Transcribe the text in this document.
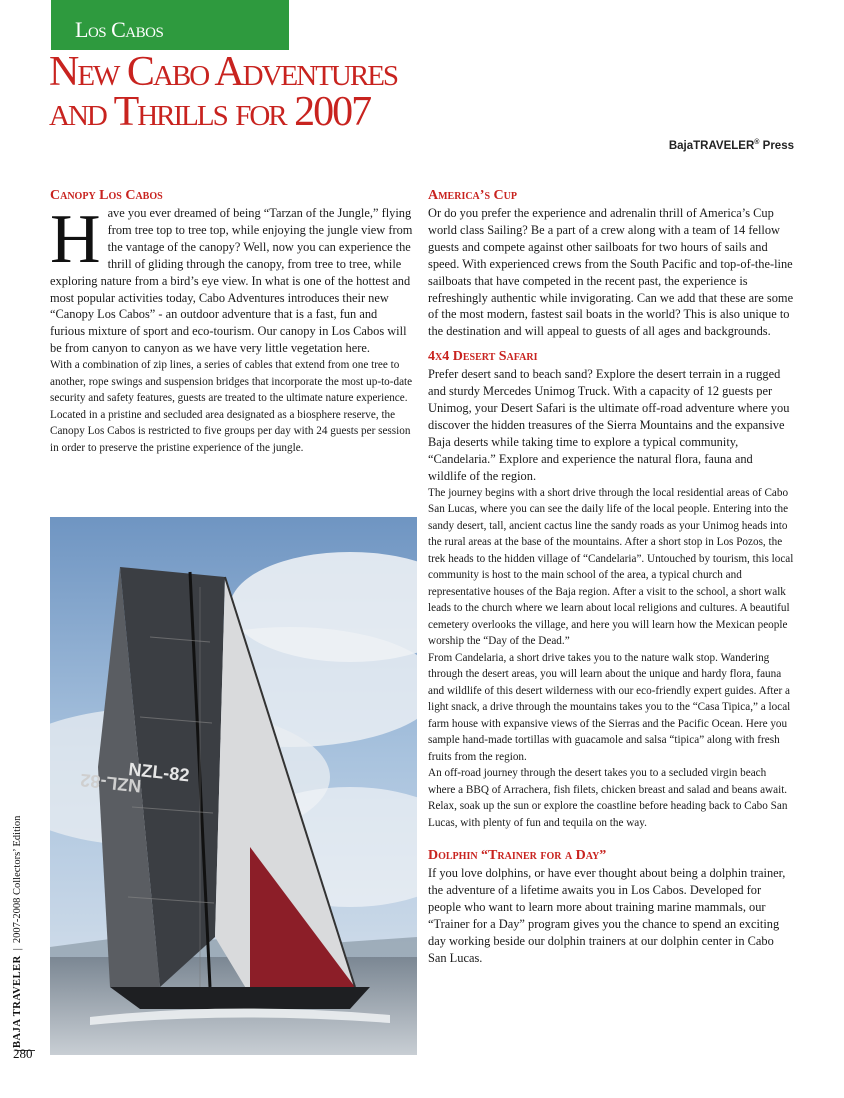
Los Cabos
New Cabo Adventures
and Thrills for 2007
BajaTRAVELER® Press
Canopy Los Cabos

Have you ever dreamed of being “Tarzan of the Jungle,” flying from tree top to tree top, while enjoying the jungle view from the vantage of the canopy? Well, now you can experience the thrill of gliding through the canopy, from tree to tree, while exploring nature from a bird’s eye view. In what is one of the hottest and most popular activities today, Cabo Adventures introduces their new “Canopy Los Cabos” - an outdoor adventure that is a fast, fun and furious mixture of sport and eco-tourism. Our canopy in Los Cabos will be from canyon to canyon as we have very little vegetation here.

With a combination of zip lines, a series of cables that extend from one tree to another, rope swings and suspension bridges that incorporate the most up-to-date security and safety features, guests are treated to the ultimate nature experience. Located in a pristine and secluded area designated as a biosphere reserve, the Canopy Los Cabos is restricted to five groups per day with 24 guests per session in order to preserve the pristine experience of the jungle.

America’s Cup

Or do you prefer the experience and adrenalin thrill of America’s Cup world class Sailing? Be a part of a crew along with a team of 14 fellow guests and compete against other sailboats for two hours of sails and speed. With experienced crews from the South Pacific and top-of-the-line sailboats that have competed in the recent past, the experience is refreshingly authentic while invigorating. Can we add that these are some of the most modern, fastest sail boats in the world? This is also unique to the destination and will appeal to guests of all ages and backgrounds.

4x4 Desert Safari

Prefer desert sand to beach sand? Explore the desert terrain in a rugged and sturdy Mercedes Unimog Truck. With a capacity of 12 guests per Unimog, your Desert Safari is the ultimate off-road adventure where you discover the hidden treasures of the Sierra Mountains and the expansive Baja deserts while taking time to explore a typical community, “Candelaria.” Explore and experience the natural flora, fauna and wildlife of the region.

The journey begins with a short drive through the local residential areas of Cabo San Lucas, where you can see the daily life of the local people. Entering into the sandy desert, tall, ancient cactus line the sandy roads as your Unimog heads into the rural areas at the base of the mountains. After a short stop in Los Pozos, the trek heads to the hidden village of “Candelaria”. Untouched by tourism, this local community is host to the main school of the area, a typical church and representative houses of the Baja region. After a visit to the school, a short walk leads to the church where we learn about local religions and cultures. A beautiful cemetery overlooks the village, and here you will learn how the Mexican people worship the “Day of the Dead.”

From Candelaria, a short drive takes you to the nature walk stop. Wandering through the desert areas, you will learn about the unique and hardy flora, fauna and wildlife of this desert wilderness with our eco-friendly expert guides. After a light snack, a drive through the mountains takes you to the “Casa Tipica,” a local farm house with expansive views of the Sierras and the Pacific Ocean. Here you sample hand-made tortillas with guacamole and salsa “tipica” along with fresh fruits from the region.

An off-road journey through the desert takes you to a secluded virgin beach where a BBQ of Arrachera, fish filets, chicken breast and salad and beans await. Relax, soak up the sun or explore the coastline before heading back to Cabo San Lucas, with plenty of fun and tequila on the way.

Dolphin “Trainer for a Day”

If you love dolphins, or have ever thought about being a dolphin trainer, the adventure of a lifetime awaits you in Los Cabos. Developed for people who want to learn more about training marine mammals, our “Trainer for a Day” program gives you the chance to spend an exciting day working beside our dolphin trainers at our dolphin center in Cabo San Lucas.

NZL-82
NZL-82
BAJA TRAVELER|2007-2008 Collectors’ Edition
280
